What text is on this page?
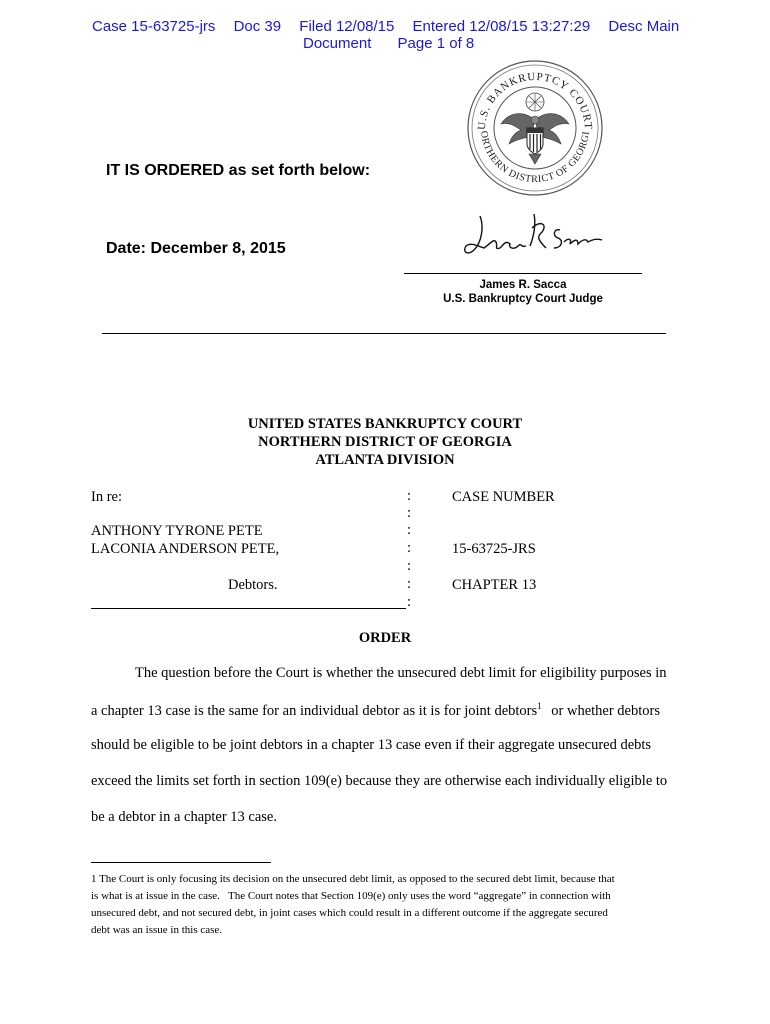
Case 15-63725-jrs Doc 39 Filed 12/08/15 Entered 12/08/15 13:27:29 Desc Main
Document Page 1 of 8
U.S. BANKRUPTCY COURT
ORTHERN DISTRICT OF GEORGI
IT IS ORDERED as set forth below:
Date: December 8, 2015
James R. Sacca
U.S. Bankruptcy Court Judge
UNITED STATES BANKRUPTCY COURT
NORTHERN DISTRICT OF GEORGIA
ATLANTA DIVISION
In re:
ANTHONY TYRONE PETE
LACONIA ANDERSON PETE,
Debtors.
:
:
:
:
:
:
:
CASE NUMBER
15-63725-JRS
CHAPTER 13
ORDER
The question before the Court is whether the unsecured debt limit for eligibility purposes in
a chapter 13 case is the same for an individual debtor as it is for joint debtors$^1$ or whether debtors
should be eligible to be joint debtors in a chapter 13 case even if their aggregate unsecured debts
exceed the limits set forth in section 109(e) because they are otherwise each individually eligible to
be a debtor in a chapter 13 case.
1 The Court is only focusing its decision on the unsecured debt limit, as opposed to the secured debt limit, because that
is what is at issue in the case.   The Court notes that Section 109(e) only uses the word “aggregate” in connection with
unsecured debt, and not secured debt, in joint cases which could result in a different outcome if the aggregate secured
debt was an issue in this case.
